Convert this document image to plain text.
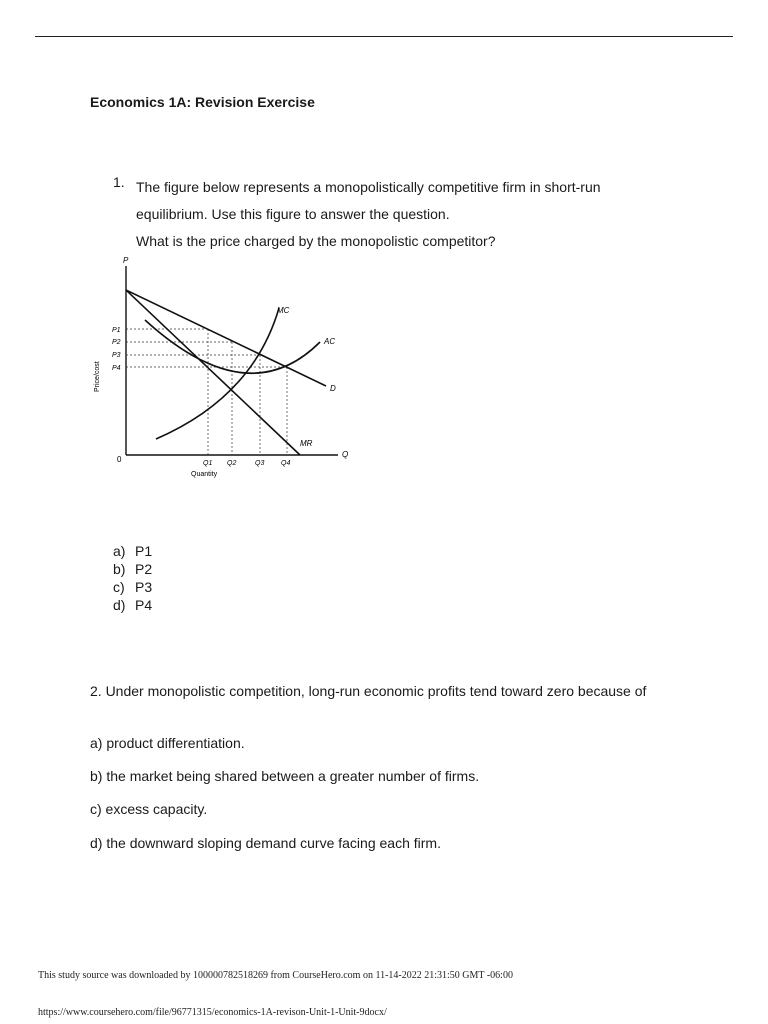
Economics 1A: Revision Exercise
1. The figure below represents a monopolistically competitive firm in short-run
equilibrium. Use this figure to answer the question.
What is the price charged by the monopolistic competitor?
P
Q
0
Price/cost
Quantity
MC
AC
D
MR
P1
P2
P3
P4
Q1 Q2	Q3 Q4
a) P1
b) P2
c) P3
d) P4
2. Under monopolistic competition, long-run economic profits tend toward zero because of
a) product differentiation.
b) the market being shared between a greater number of firms.
c) excess capacity.
d) the downward sloping demand curve facing each firm.
This study source was downloaded by 100000782518269 from CourseHero.com on 11-14-2022 21:31:50 GMT -06:00
https://www.coursehero.com/file/96771315/economics-1A-revison-Unit-1-Unit-9docx/
